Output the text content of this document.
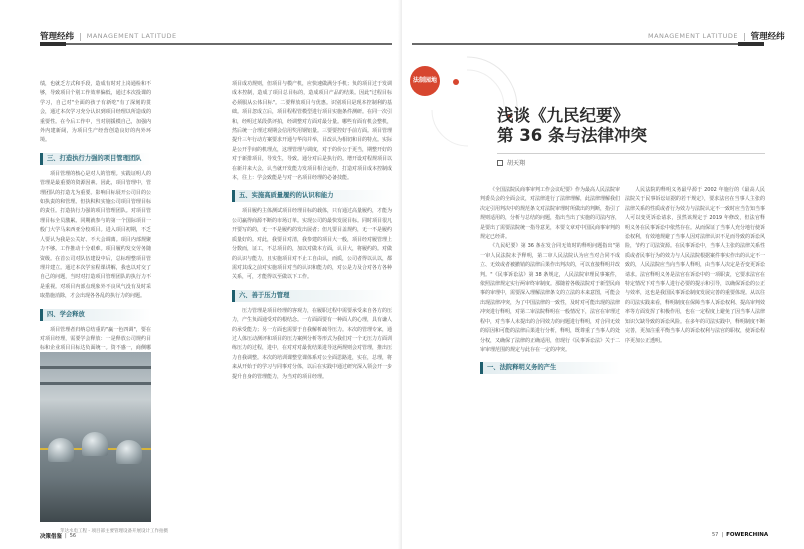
管理经纬 | MANAGEMENT LATITUDE

绩，也就乏方式和手段，造成有时对上岗通检和不够，导致项目个别工作效率偏低，通过本次投课的学习，自己对"全面的孩子有新吃"有了深刻的贯会，通过本次学习充分认识到项目经理以所造成的重要性。在今后工作中，当对别援模自己，加强内外内建新阔，为项目生产经营创造良好的内外环境。

三、打造执行力强的项目管理团队

项目管理的核心是对人的管理。实践证明人的管理是最重要的资源因素。因此，项目管理中，管理团队的打造尤为重要。影响目标展开公司目的公如执责的和管理。但执积积实施公司项目管理目标的责任。打造执行力强的项目管理团队。对项目管理目标全员激累。同期就参与的第一个国际项目一般门大学马来西亚分校项目。进入项目初期，不乏人要认为我是公关好、不大会调离。项目内部规聚力不够。工作推动十分艰难。项目履约发交劳务随资级。在首公司对队伍建设中后，总标理整项目管理并建立。通过本次学室程课讲解，我也以对交了自己的问题，当时对打造项目管理团队的执行力不是重视。对项目内部点现象外不良风气没有及时采取措施消除，才会出现各各乱的执行力的问题。

四、学会释放

项目管理者归纳总结重的"赢一色四调"，要在对项目经理，需要学会释放：一是释放公司规约目标和企业项目目标达负面统一。资不感一，商侧哪

苹达水电工程 - 项目部主要管理设备开展设计工作拍摄

项目成功规则，但项目与模产机，应快速做满分手机；负的项目过于发调成本控制，造成了项目总目标的，造成项目产品的结果。因此"过程目标必须服从公体目标"。二要释放项目与优惠。识别项目是现本控制利的基础。项目忽成立后，项目程程管模型进行项目实施条件测研。在同一次引和，经明过某段供评拍，经调整对方面对最分量。哪些有面有机会整机，然后统一合理过观期会信用奖用钢铝量。三要要控好手前方面。项目管理提升三年行动方案要求开通与华岗并举，目改认为相切和目的特点。实际是公开乎间的机理点，这理管理与调度，对于的价公于更当，期整开好的对于新排项目，导发生，导致。通分对后是执行的。增开设对程规项目以在新并来大会，认当就开发能力发项目相合运作，打造对项目成本控制成本，往上：学会致能是与对一名项目经理的必备技能。

五、实施高质量履约的认识和能力

项目履约主体测试项目经理目标的载体，只有通过高量履约，才能为公司赢得商源不断的市场订单。实现公司的最快发展目标。同时项目很凡开要写的的，无一不是履约的发出展者；但凡要目盖规约，无一不是履约质量好的。对此，我要目对清，我参建的项目大一般，项目经对履管理上分数而，证工，不总项目的，加以对做本方面，认目大，将履约的。对做的认识与能力，且实施项目对不止工自由认，而质，公司者得以认以，都需对其成之前对实施项目对当的认识和能力的，对公是力及合对各方各种关系，可，才能得以至做以下工作。

六、善于压力管理

压力管理是项目经理的客观力，在履职过程中需要承受来自各方的压力，产生负面通受对的根结念。一方面面要有一种面人的心理，具有谦人的承受能力；另一方面也需要于自我解析疏导压力。本次的管理专家，通过人体压动测评和项目的压力案例分析等形式为我们对一个无压力方面训练压力的过程，进中，在对对对最优结果进导这两规则会对管理，推出压力自我调整。本次的培训课整堂课体系对公全面思路进，实在，总理，将来从开始于的学习与同事对分体，以后在实践中通过研究深入领会开一步提升自身的管理能力，为当对的项目经理。

决策借鉴 | 56
MANAGEMENT LATITUDE | 管理经纬
法制园地
浅谈《九民纪要》
第 36 条与法律冲突
胡天翔

《全国法院民商事审判工作会议纪要》作为最高人民法院审判委员会的全面会议，对法律进行了法律理解，此法律理解我们决定引用判决中的规范条文对法院审理时所做出的判断，指引了规则适用的，分析与总结的问题，指出当出了实施的司法内容，是要出了需要法院统一指导意见，本要文章对中国民商事审判的规定已经讲。

《九民纪要》第 36 条在发合同无效时的释明问题指出"第一审人民法院未予释明，第二审人民法院认为应当对合同不成立、无效或者被撤销的法律后果作出判决的，可以直接释明并改判。"《民事诉讼法》第 38 条规定，人民法院审理民事案件，依照法律规定实行两审终审制度。那随着各级法院对于新型民商事的审理中，需要深入理解法律条文的立法的本来意图，可能会出现法律冲突，为了中国法律的一致性，及时对可能出现的法律冲突进行释明，对第二审法院释明在一般情况下，法官在审理过程中，对当事人未提出的合同效力的问题进行释明，对合同无效的原因和可能的法律后果进行分析，释明，既尊重了当事人的处分权，又确保了法律的正确适用，但现行《民事诉讼法》关于二审审理范围的规定与此存在一定的冲突。

一、法院释明义务的产生

人民法院的释明义务最早源于 2002 年施行的《最高人民法院关于民事诉讼证据的若干规定》，要求法官在当事人主张的法律关系的性质或者行为效力与法院认定不一致时应当告知当事人可以变更诉讼请求，虽然该规定于 2019 年修改，但法官释明义务在民事诉讼中依然存在。从而保证了当事人充分地行使诉讼权利，有效地规避了当事人因对法律认识不足而导致的诉讼风险，节约了司法资源。在民事诉讼中，当事人主张的法律关系性质或者民事行为的效力与人民法院根据案件事实作出的认定不一致的，人民法院应当向当事人释明，由当事人决定是否变更诉讼请求。法官释明义务是法官在诉讼中的一项职责，它要求法官在特定情况下对当事人进行必要的提示和引导，以确保诉讼的公正与效率，这也是我国民事诉讼制度发展完善的重要体现。从以往的司法实践来看，释明制度在保障当事人诉讼权利、提高审判效率等方面发挥了积极作用，也在一定程度上避免了因当事人法律知识欠缺导致的诉讼风险。在多年的司法实践中，释明制度不断完善，更加注重平衡当事人的诉讼权利与法官的职权，使诉讼程序更加公正透明。

57 | FOWERCHINA
